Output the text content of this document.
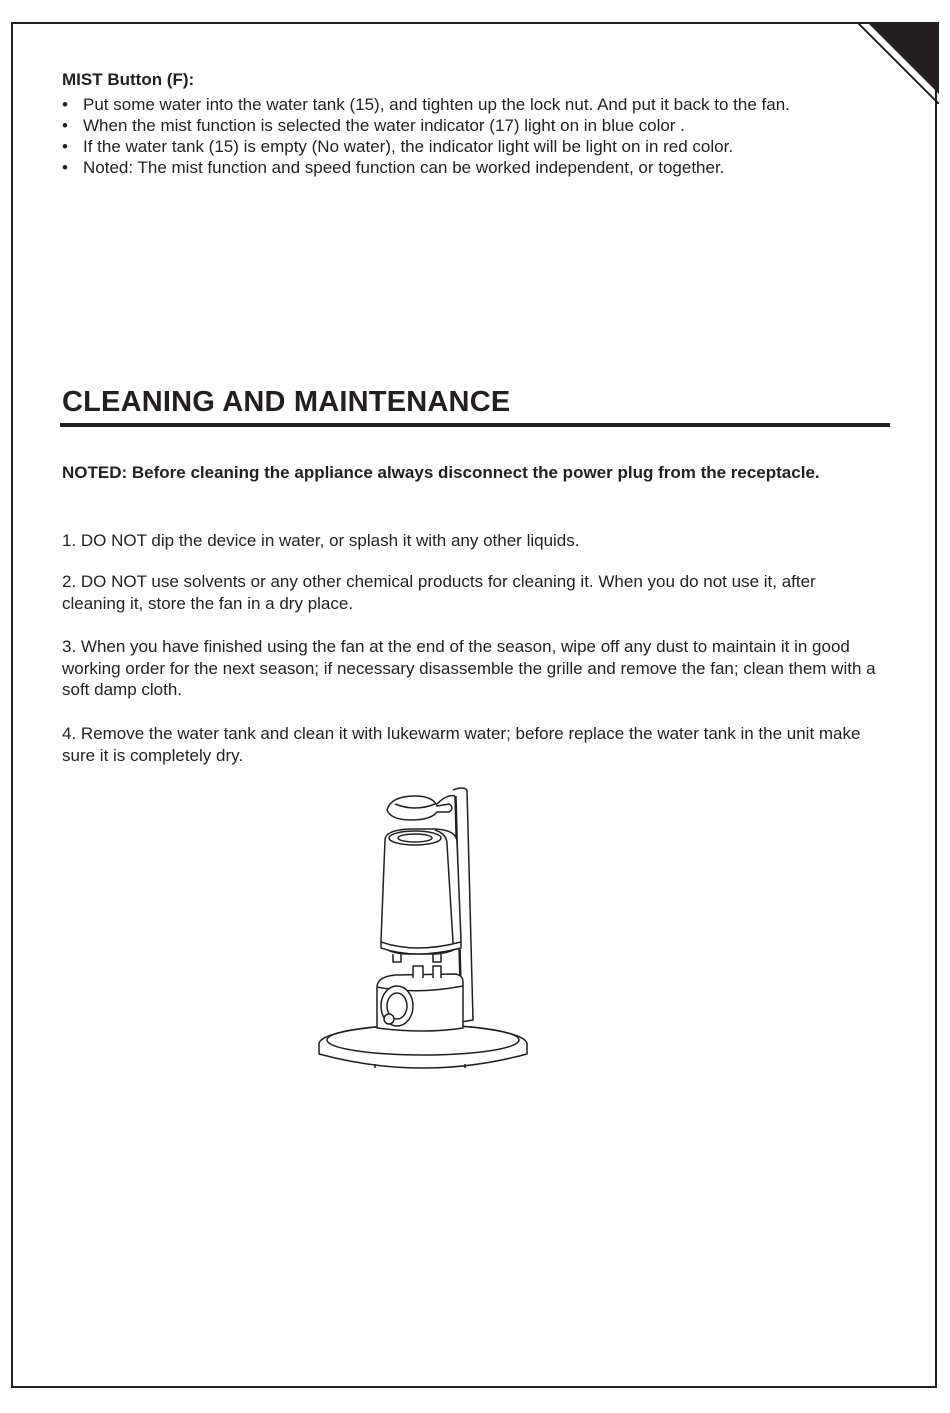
MIST Button (F):
• Put some water into the water tank (15), and tighten up the lock nut. And put it back to the fan.
• When the mist function is selected the water indicator (17) light on in blue color .
• If the water tank (15) is empty (No water), the indicator light will be light on in red color.
• Noted: The mist function and speed function can be worked independent, or together.
CLEANING AND MAINTENANCE

NOTED: Before cleaning the appliance always disconnect the power plug from the receptacle.

1. DO NOT dip the device in water, or splash it with any other liquids.

2. DO NOT use solvents or any other chemical products for cleaning it. When you do not use it, after cleaning it, store the fan in a dry place.

3. When you have finished using the fan at the end of the season, wipe off any dust to maintain it in good working order for the next season; if necessary disassemble the grille and remove the fan; clean them with a soft damp cloth.

4. Remove the water tank and clean it with lukewarm water; before replace the water tank in the unit make sure it is completely dry.
